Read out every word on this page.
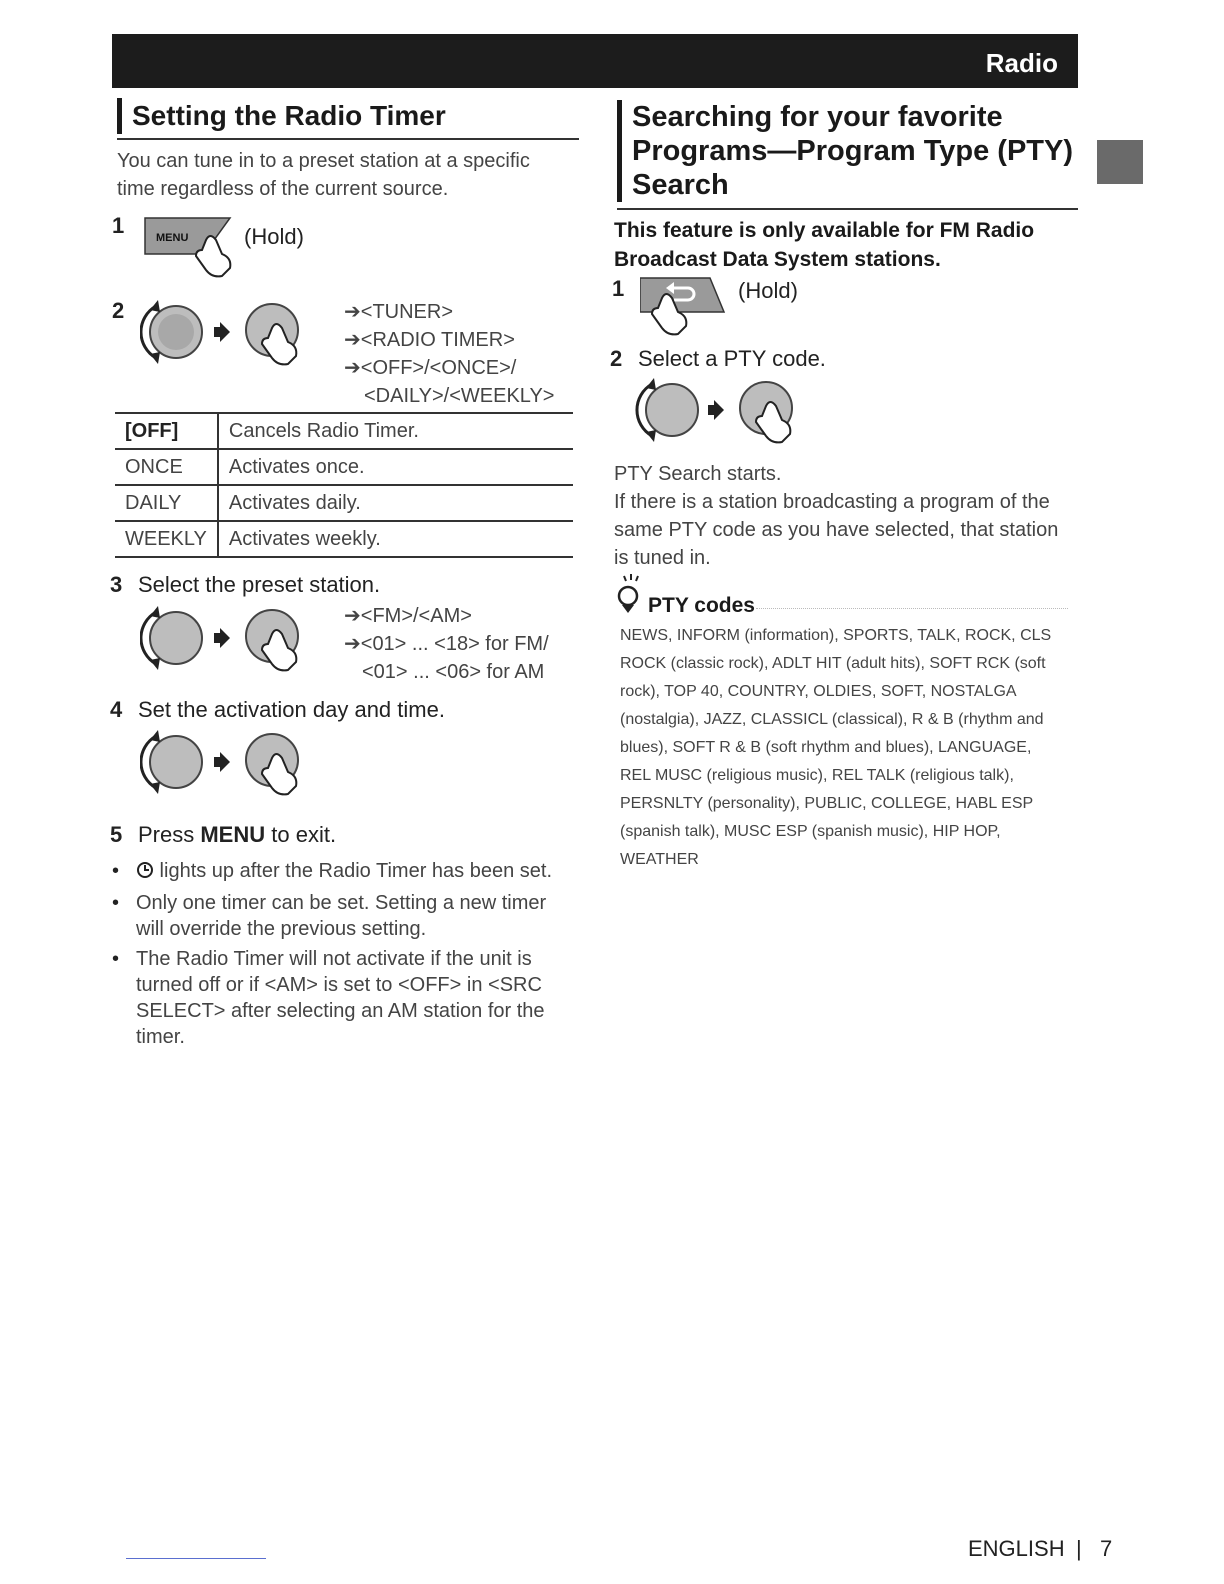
Radio
Setting the Radio Timer
You can tune in to a preset station at a specific time regardless of the current source.
1	MENU	(Hold)
2	➔<TUNER>
➔<RADIO TIMER>
➔<OFF>/<ONCE>/
<DAILY>/<WEEKLY>
[OFF]	Cancels Radio Timer.
ONCE	Activates once.
DAILY	Activates daily.
WEEKLY	Activates weekly.
3 Select the preset station.
➔<FM>/<AM>
➔<01> ... <18> for FM/
<01> ... <06> for AM
4 Set the activation day and time.
5 Press MENU to exit.
•	lights up after the Radio Timer has been set.
• Only one timer can be set. Setting a new timer will override the previous setting.
• The Radio Timer will not activate if the unit is turned off or if <AM> is set to <OFF> in <SRC SELECT> after selecting an AM station for the timer.
Searching for your favorite
Programs—Program Type (PTY)
Search
This feature is only available for FM Radio Broadcast Data System stations.
1	(Hold)
2 Select a PTY code.
PTY Search starts.
If there is a station broadcasting a program of the same PTY code as you have selected, that station is tuned in.
PTY codes
NEWS, INFORM (information), SPORTS, TALK, ROCK, CLS ROCK (classic rock), ADLT HIT (adult hits), SOFT RCK (soft rock), TOP 40, COUNTRY, OLDIES, SOFT, NOSTALGA (nostalgia), JAZZ, CLASSICL (classical), R & B (rhythm and blues), SOFT R & B (soft rhythm and blues), LANGUAGE, REL MUSC (religious music), REL TALK (religious talk), PERSNLTY (personality), PUBLIC, COLLEGE, HABL ESP (spanish talk), MUSC ESP (spanish music), HIP HOP, WEATHER
ENGLISH | 7
